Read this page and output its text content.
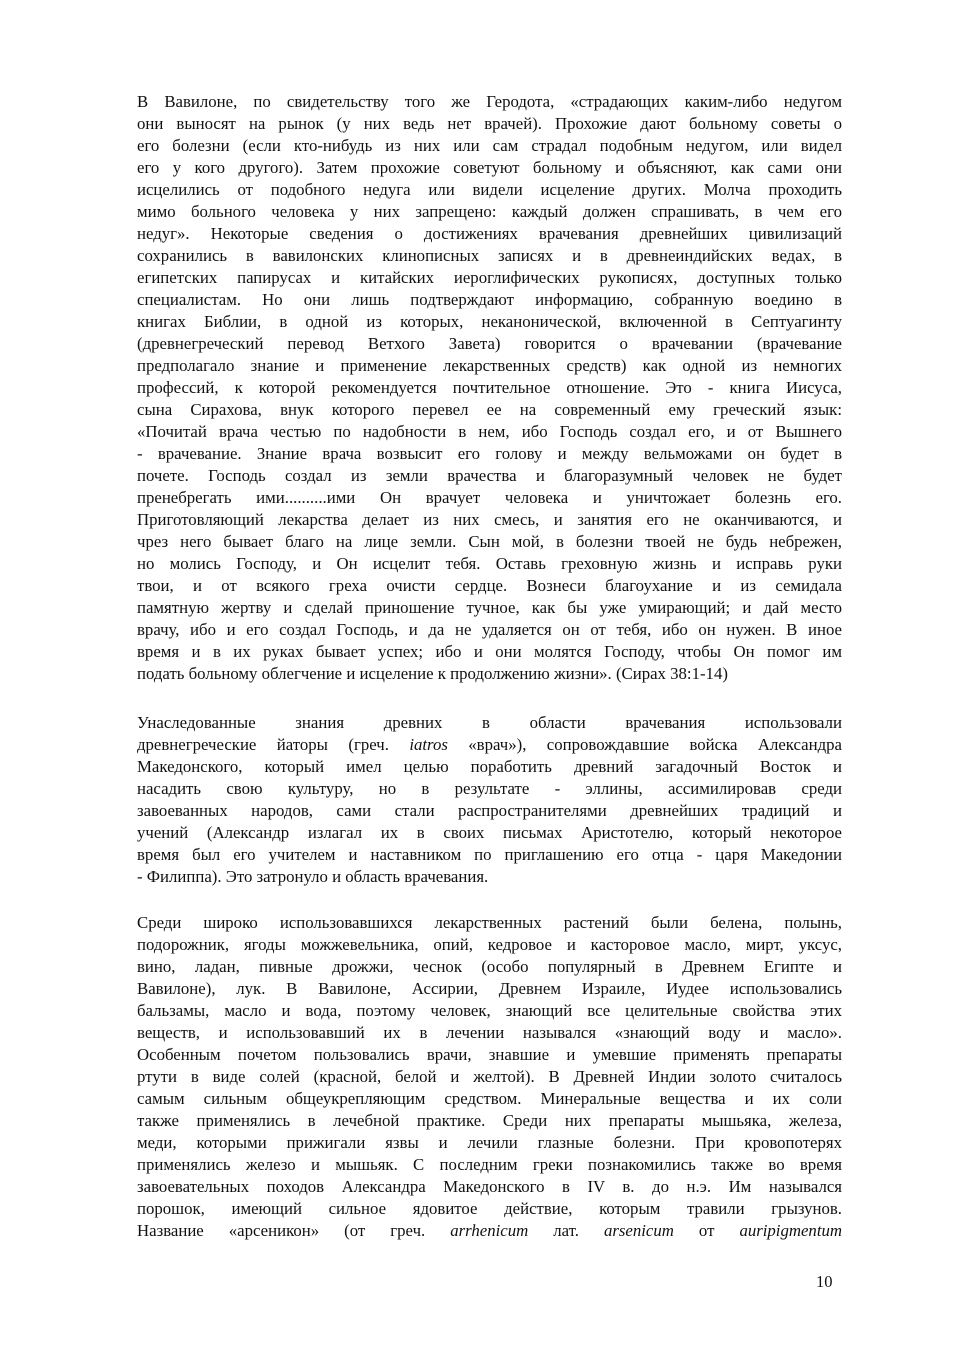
В Вавилоне, по свидетельству того же Геродота, «страдающих каким-либо недугом
они выносят на рынок (у них ведь нет врачей). Прохожие дают больному советы о
его болезни (если кто-нибудь из них или сам страдал подобным недугом, или видел
его у кого другого). Затем прохожие советуют больному и объясняют, как сами они
исцелились от подобного недуга или видели исцеление других. Молча проходить
мимо больного человека у них запрещено: каждый должен спрашивать, в чем его
недуг». Некоторые сведения о достижениях врачевания древнейших цивилизаций
сохранились в вавилонских клинописных записях и в древнеиндийских ведах, в
египетских папирусах и китайских иероглифических рукописях, доступных только
специалистам. Но они лишь подтверждают информацию, собранную воедино в
книгах Библии, в одной из которых, неканонической, включенной в Септуагинту
(древнегреческий перевод Ветхого Завета) говорится о врачевании (врачевание
предполагало знание и применение лекарственных средств) как одной из немногих
профессий, к которой рекомендуется почтительное отношение. Это - книга Иисуса,
сына Сирахова, внук которого перевел ее на современный ему греческий язык:
«Почитай врача честью по надобности в нем, ибо Господь создал его, и от Вышнего
- врачевание. Знание врача возвысит его голову и между вельможами он будет в
почете. Господь создал из земли врачества и благоразумный человек не будет
пренебрегать ими..........ими Он врачует человека и уничтожает болезнь его.
Приготовляющий лекарства делает из них смесь, и занятия его не оканчиваются, и
чрез него бывает благо на лице земли. Сын мой, в болезни твоей не будь небрежен,
но молись Господу, и Он исцелит тебя. Оставь греховную жизнь и исправь руки
твои, и от всякого греха очисти сердце. Вознеси благоухание и из семидала
памятную жертву и сделай приношение тучное, как бы уже умирающий; и дай место
врачу, ибо и его создал Господь, и да не удаляется он от тебя, ибо он нужен. В иное
время и в их руках бывает успех; ибо и они молятся Господу, чтобы Он помог им
подать больному облегчение и исцеление к продолжению жизни». (Сирах 38:1-14)
Унаследованные знания древних в области врачевания использовали
древнегреческие йаторы (греч. iatros «врач»), сопровождавшие войска Александра
Македонского, который имел целью поработить древний загадочный Восток и
насадить свою культуру, но в результате - эллины, ассимилировав среди
завоеванных народов, сами стали распространителями древнейших традиций и
учений (Александр излагал их в своих письмах Аристотелю, который некоторое
время был его учителем и наставником по приглашению его отца - царя Македонии
- Филиппа). Это затронуло и область врачевания.
Среди широко использовавшихся лекарственных растений были белена, полынь,
подорожник, ягоды можжевельника, опий, кедровое и касторовое масло, мирт, уксус,
вино, ладан, пивные дрожжи, чеснок (особо популярный в Древнем Египте и
Вавилоне), лук. В Вавилоне, Ассирии, Древнем Израиле, Иудее использовались
бальзамы, масло и вода, поэтому человек, знающий все целительные свойства этих
веществ, и использовавший их в лечении назывался «знающий воду и масло».
Особенным почетом пользовались врачи, знавшие и умевшие применять препараты
ртути в виде солей (красной, белой и желтой). В Древней Индии золото считалось
самым сильным общеукрепляющим средством. Минеральные вещества и их соли
также применялись в лечебной практике. Среди них препараты мышьяка, железа,
меди, которыми прижигали язвы и лечили глазные болезни. При кровопотерях
применялись железо и мышьяк. С последним греки познакомились также во время
завоевательных походов Александра Македонского в IV в. до н.э. Им назывался
порошок, имеющий сильное ядовитое действие, которым травили грызунов.
Название «арсеникон» (от греч. arrhenicum лат. arsenicum от auripigmentum
10
